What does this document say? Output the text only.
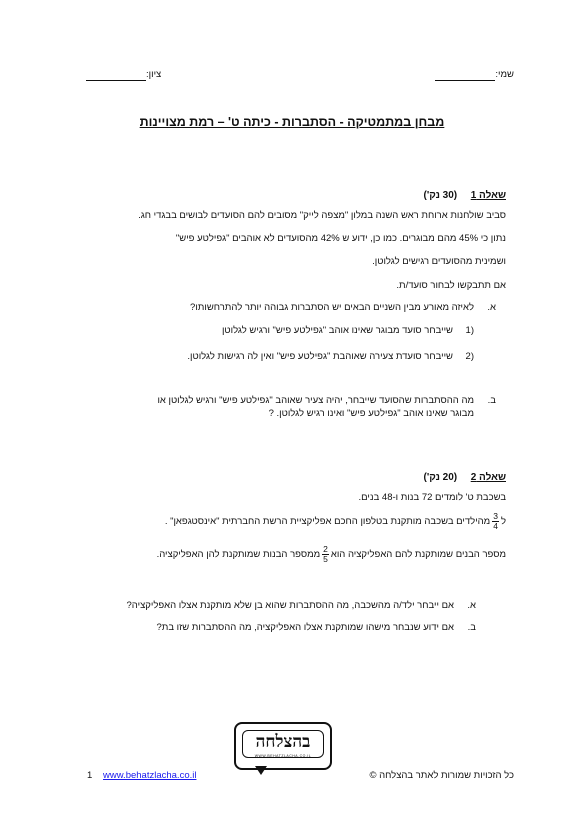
שמי:
ציון:
מבחן במתמטיקה - הסתברות - כיתה ט' – רמת מצויינות
שאלה 1  (30 נק')
סביב שולחנות ארוחת ראש השנה במלון "מצפה לייק" מסובים להם הסועדים לבושים בבגדי חג.
נתון כי 45% מהם מבוגרים. כמו כן, ידוע ש 42% מהסועדים לא אוהבים "גפילטע פיש"
ושמינית מהסועדים רגישים לגלוטן.
אם תתבקשו לבחור סועד/ת.
א.
לאיזה מאורע מבין השניים הבאים יש הסתברות גבוהה יותר להתרחשותו?
1)
שייבחר סועד מבוגר שאינו אוהב "גפילטע פיש" ורגיש לגלוטן
2)
שייבחר סועדת צעירה שאוהבת "גפילטע פיש" ואין לה רגישות לגלוטן.
ב.
מה ההסתברות שהסועד שייבחר, יהיה צעיר שאוהב "גפילטע פיש" ורגיש לגלוטן או
מבוגר שאינו אוהב "גפילטע פיש" ואינו רגיש לגלוטן. ?
שאלה 2  (20 נק')
בשכבת ט' לומדים 72 בנות ו-48 בנים.
ל
$\frac{3}{4}$
מהילדים בשכבה מותקנת בטלפון החכם אפליקציית הרשת החברתית "אינסטגפאן" .
מספר הבנים שמותקנת להם האפליקציה הוא
$\frac{2}{5}$
ממספר הבנות שמותקנת להן האפליקציה.
א.
אם ייבחר ילד/ה מהשכבה, מה ההסתברות שהוא בן שלא מותקנת אצלו האפליקציה?
ב.
אם ידוע שנבחר מישהו שמותקנת אצלו האפליקציה, מה ההסתברות שזו בת?
בהצלחה
WWW.BEHATZLACHA.CO.IL
1 www.behatzlacha.co.il	כל הזכויות שמורות לאתר בהצלחה ©
